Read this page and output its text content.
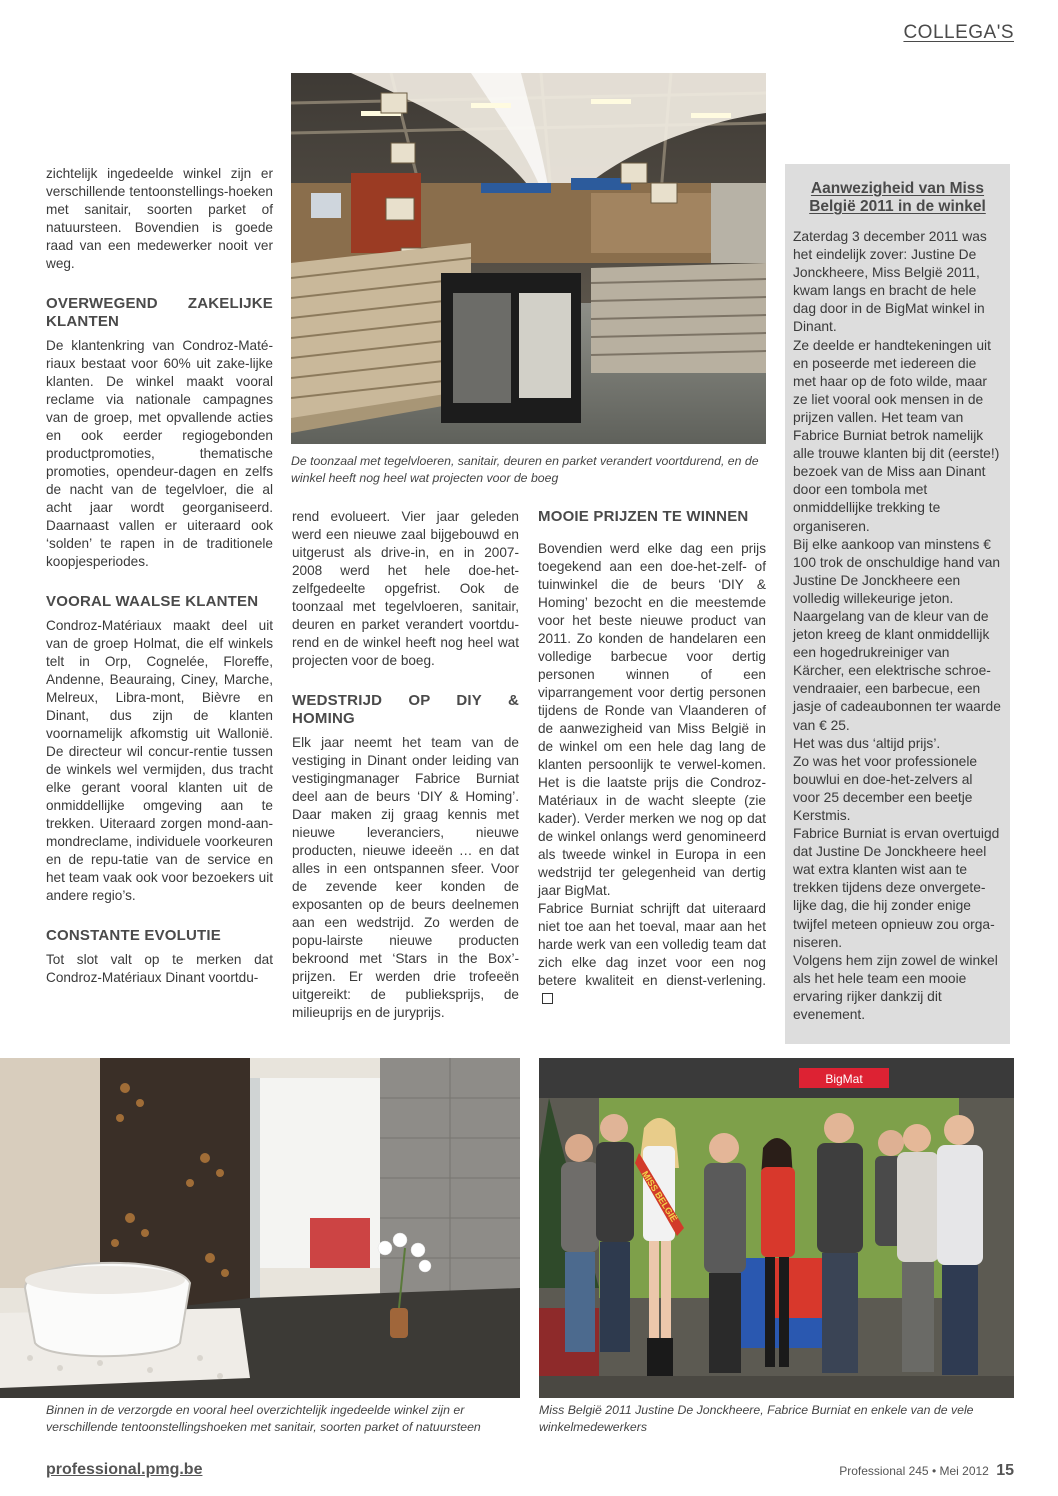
COLLEGA'S
De toonzaal met tegelvloeren, sanitair, deuren en parket verandert voortdurend, en de winkel heeft nog heel wat projecten voor de boeg

zichtelijk ingedeelde winkel zijn er verschillende tentoonstellings-hoeken met sanitair, soorten parket of natuursteen. Bovendien is goede raad van een medewerker nooit ver weg.

OVERWEGEND ZAKELIJKE KLANTEN

De klantenkring van Condroz-Maté-riaux bestaat voor 60% uit zake-lijke klanten. De winkel maakt vooral reclame via nationale campagnes van de groep, met opvallende acties en ook eerder regiogebonden productpromoties, thematische promoties, opendeur-dagen en zelfs de nacht van de tegelvloer, die al acht jaar wordt georganiseerd. Daarnaast vallen er uiteraard ook ‘solden’ te rapen in de traditionele koopjesperiodes.

VOORAL WAALSE KLANTEN

Condroz-Matériaux maakt deel uit van de groep Holmat, die elf winkels telt in Orp, Cognelée, Floreffe, Andenne, Beauraing, Ciney, Marche, Melreux, Libra-mont, Bièvre en Dinant, dus zijn de klanten voornamelijk afkomstig uit Wallonië. De directeur wil concur-rentie tussen de winkels wel vermijden, dus tracht elke gerant vooral klanten uit de onmiddellijke omgeving aan te trekken. Uiteraard zorgen mond-aan-mondreclame, individuele voorkeuren en de repu-tatie van de service en het team vaak ook voor bezoekers uit andere regio’s.

CONSTANTE EVOLUTIE

Tot slot valt op te merken dat Condroz-Matériaux Dinant voortdu-

rend evolueert. Vier jaar geleden werd een nieuwe zaal bijgebouwd en uitgerust als drive-in, en in 2007-2008 werd het hele doe-het-zelfgedeelte opgefrist. Ook de toonzaal met tegelvloeren, sanitair, deuren en parket verandert voortdu-rend en de winkel heeft nog heel wat projecten voor de boeg.

WEDSTRIJD OP DIY & HOMING

Elk jaar neemt het team van de vestiging in Dinant onder leiding van vestigingmanager Fabrice Burniat deel aan de beurs ‘DIY & Homing’. Daar maken zij graag kennis met nieuwe leveranciers, nieuwe producten, nieuwe ideeën … en dat alles in een ontspannen sfeer. Voor de zevende keer konden de exposanten op de beurs deelnemen aan een wedstrijd. Zo werden de popu-lairste nieuwe producten bekroond met ‘Stars in the Box’-prijzen. Er werden drie trofeeën uitgereikt: de publieksprijs, de milieuprijs en de juryprijs.

MOOIE PRIJZEN TE WINNEN

Bovendien werd elke dag een prijs toegekend aan een doe-het-zelf- of tuinwinkel die de beurs ‘DIY & Homing’ bezocht en die meestemde voor het beste nieuwe product van 2011. Zo konden de handelaren een volledige barbecue voor dertig personen winnen of een viparrangement voor dertig personen tijdens de Ronde van Vlaanderen of de aanwezigheid van Miss België in de winkel om een hele dag lang de klanten persoonlijk te verwel-komen. Het is die laatste prijs die Condroz-Matériaux in de wacht sleepte (zie kader). Verder merken we nog op dat de winkel onlangs werd genomineerd als tweede winkel in Europa in een wedstrijd ter gelegenheid van dertig jaar BigMat.

Fabrice Burniat schrijft dat uiteraard niet toe aan het toeval, maar aan het harde werk van een volledig team dat zich elke dag inzet voor een nog betere kwaliteit en dienst-verlening.

Aanwezigheid van Miss België 2011 in de winkel

Zaterdag 3 december 2011 was het eindelijk zover: Justine De Jonckheere, Miss België 2011, kwam langs en bracht de hele dag door in de BigMat winkel in Dinant.

Ze deelde er handtekeningen uit en poseerde met iedereen die met haar op de foto wilde, maar ze liet vooral ook mensen in de prijzen vallen. Het team van Fabrice Burniat betrok namelijk alle trouwe klanten bij dit (eerste!) bezoek van de Miss aan Dinant door een tombola met onmiddellijke trekking te organiseren.

Bij elke aankoop van minstens € 100 trok de onschuldige hand van Justine De Jonckheere een volledig willekeurige jeton.

Naargelang van de kleur van de jeton kreeg de klant onmiddellijk een hogedrukreiniger van Kärcher, een elektrische schroe-vendraaier, een barbecue, een jasje of cadeaubonnen ter waarde van € 25.

Het was dus ‘altijd prijs’.

Zo was het voor professionele bouwlui en doe-het-zelvers al voor 25 december een beetje Kerstmis.

Fabrice Burniat is ervan overtuigd dat Justine De Jonckheere heel wat extra klanten wist aan te trekken tijdens deze onvergete-lijke dag, die hij zonder enige twijfel meteen opnieuw zou orga-niseren.

Volgens hem zijn zowel de winkel als het hele team een mooie ervaring rijker dankzij dit evenement.

Binnen in de verzorgde en vooral heel overzichtelijk ingedeelde winkel zijn er verschillende tentoonstellingshoeken met sanitair, soorten parket of natuursteen
BigMat
MISS BELGIË
Miss België 2011 Justine De Jonckheere, Fabrice Burniat en enkele van de vele winkelmedewerkers
professional.pmg.be	Professional 245 • Mei 2012 15
